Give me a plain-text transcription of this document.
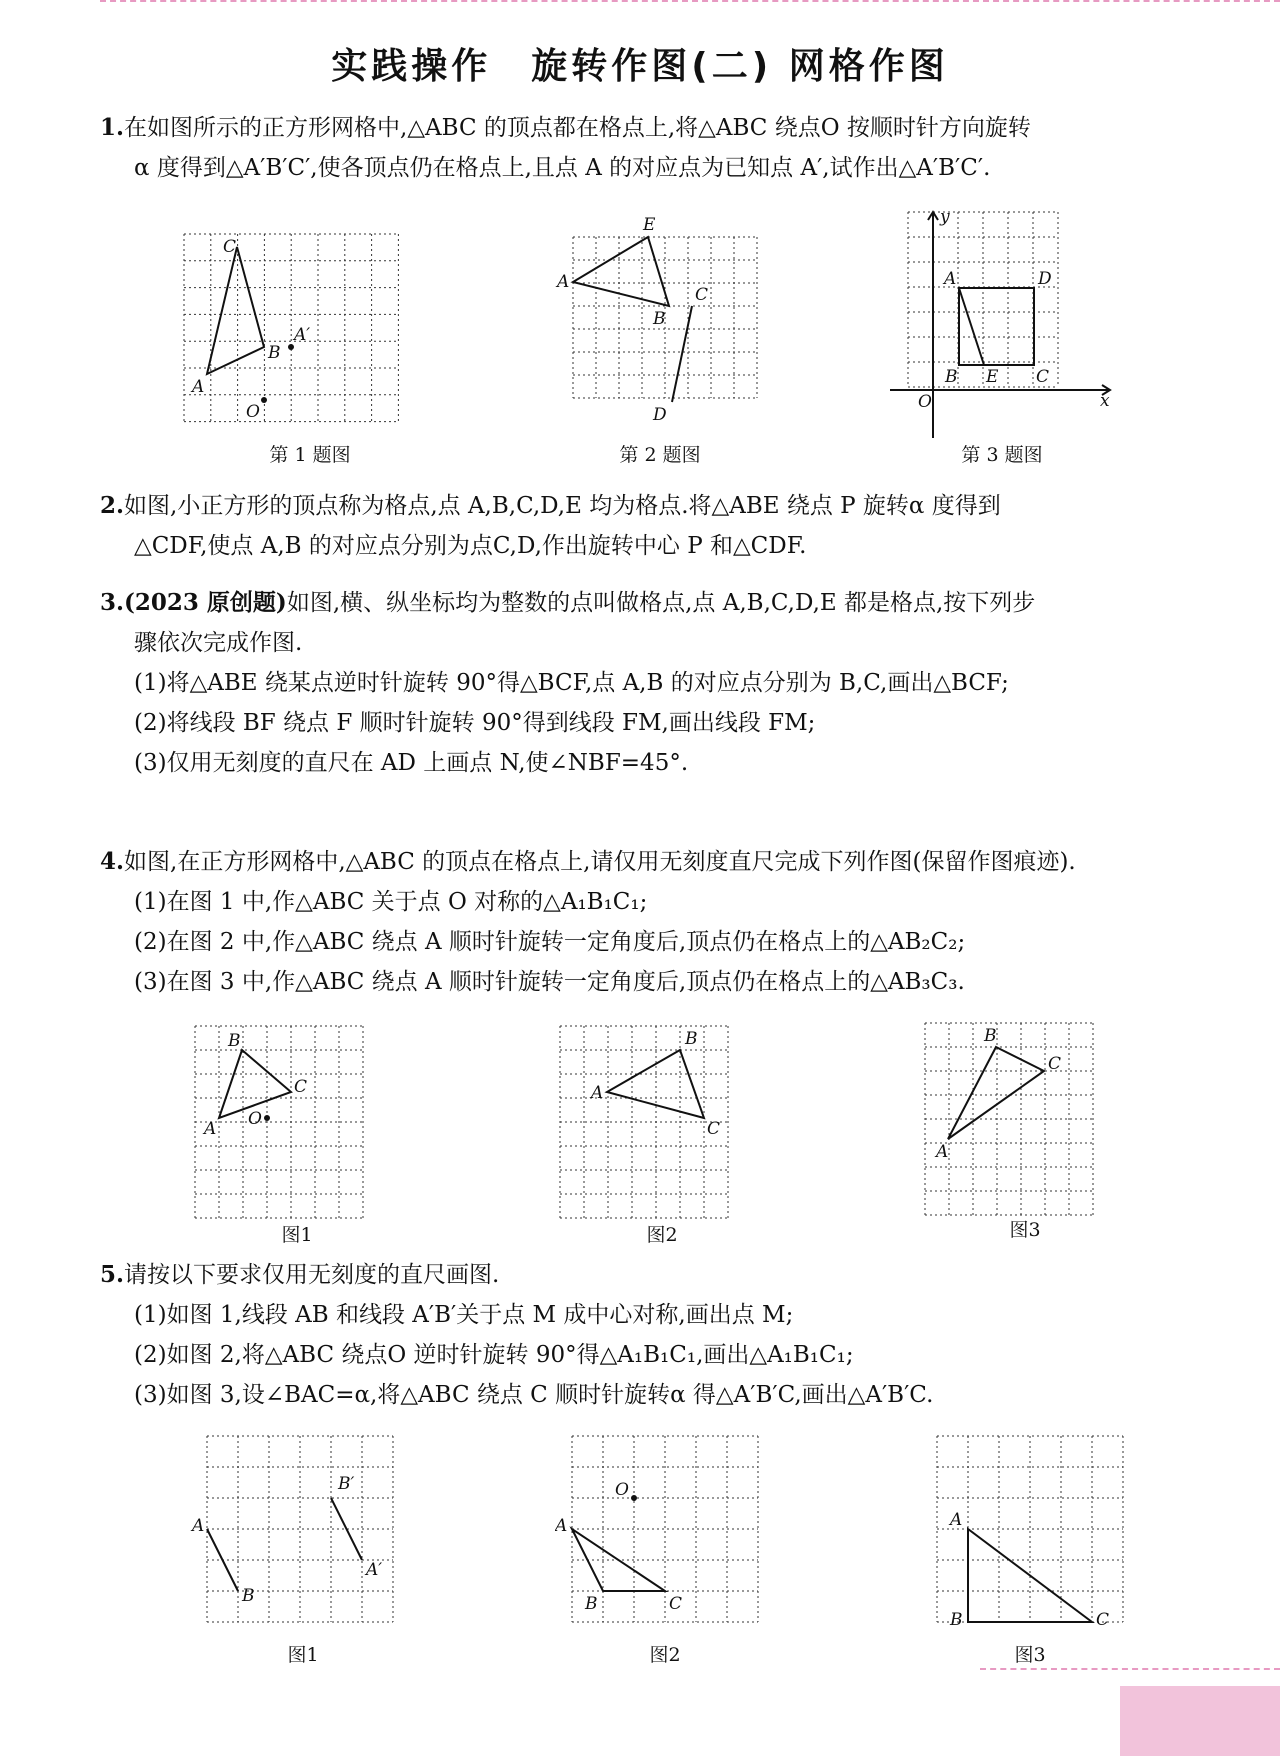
实践操作　旋转作图(二) 网格作图
1.在如图所示的正方形网格中,△ABC 的顶点都在格点上,将△ABC 绕点O 按顺时针方向旋转
α 度得到△A′B′C′,使各顶点仍在格点上,且点 A 的对应点为已知点 A′,试作出△A′B′C′.
C
B
A′
A
O
第 1 题图
E
A
B
C
D
第 2 题图
y
x
A	D
B E C
O
第 3 题图
2.如图,小正方形的顶点称为格点,点 A,B,C,D,E 均为格点.将△ABE 绕点 P 旋转α 度得到
△CDF,使点 A,B 的对应点分别为点C,D,作出旋转中心 P 和△CDF.
3.(2023 原创题)如图,横、纵坐标均为整数的点叫做格点,点 A,B,C,D,E 都是格点,按下列步
骤依次完成作图.
(1)将△ABE 绕某点逆时针旋转 90°得△BCF,点 A,B 的对应点分别为 B,C,画出△BCF;
(2)将线段 BF 绕点 F 顺时针旋转 90°得到线段 FM,画出线段 FM;
(3)仅用无刻度的直尺在 AD 上画点 N,使∠NBF=45°.
4.如图,在正方形网格中,△ABC 的顶点在格点上,请仅用无刻度直尺完成下列作图(保留作图痕迹).
(1)在图 1 中,作△ABC 关于点 O 对称的△A₁B₁C₁;
(2)在图 2 中,作△ABC 绕点 A 顺时针旋转一定角度后,顶点仍在格点上的△AB₂C₂;
(3)在图 3 中,作△ABC 绕点 A 顺时针旋转一定角度后,顶点仍在格点上的△AB₃C₃.
B
C
A O
图1
B
A
C
图2
B
C
A
图3
5.请按以下要求仅用无刻度的直尺画图.
(1)如图 1,线段 AB 和线段 A′B′关于点 M 成中心对称,画出点 M;
(2)如图 2,将△ABC 绕点O 逆时针旋转 90°得△A₁B₁C₁,画出△A₁B₁C₁;
(3)如图 3,设∠BAC=α,将△ABC 绕点 C 顺时针旋转α 得△A′B′C,画出△A′B′C.
A
B
B′
A′
图1
O
A
B	C
图2
A
B	C
图3
